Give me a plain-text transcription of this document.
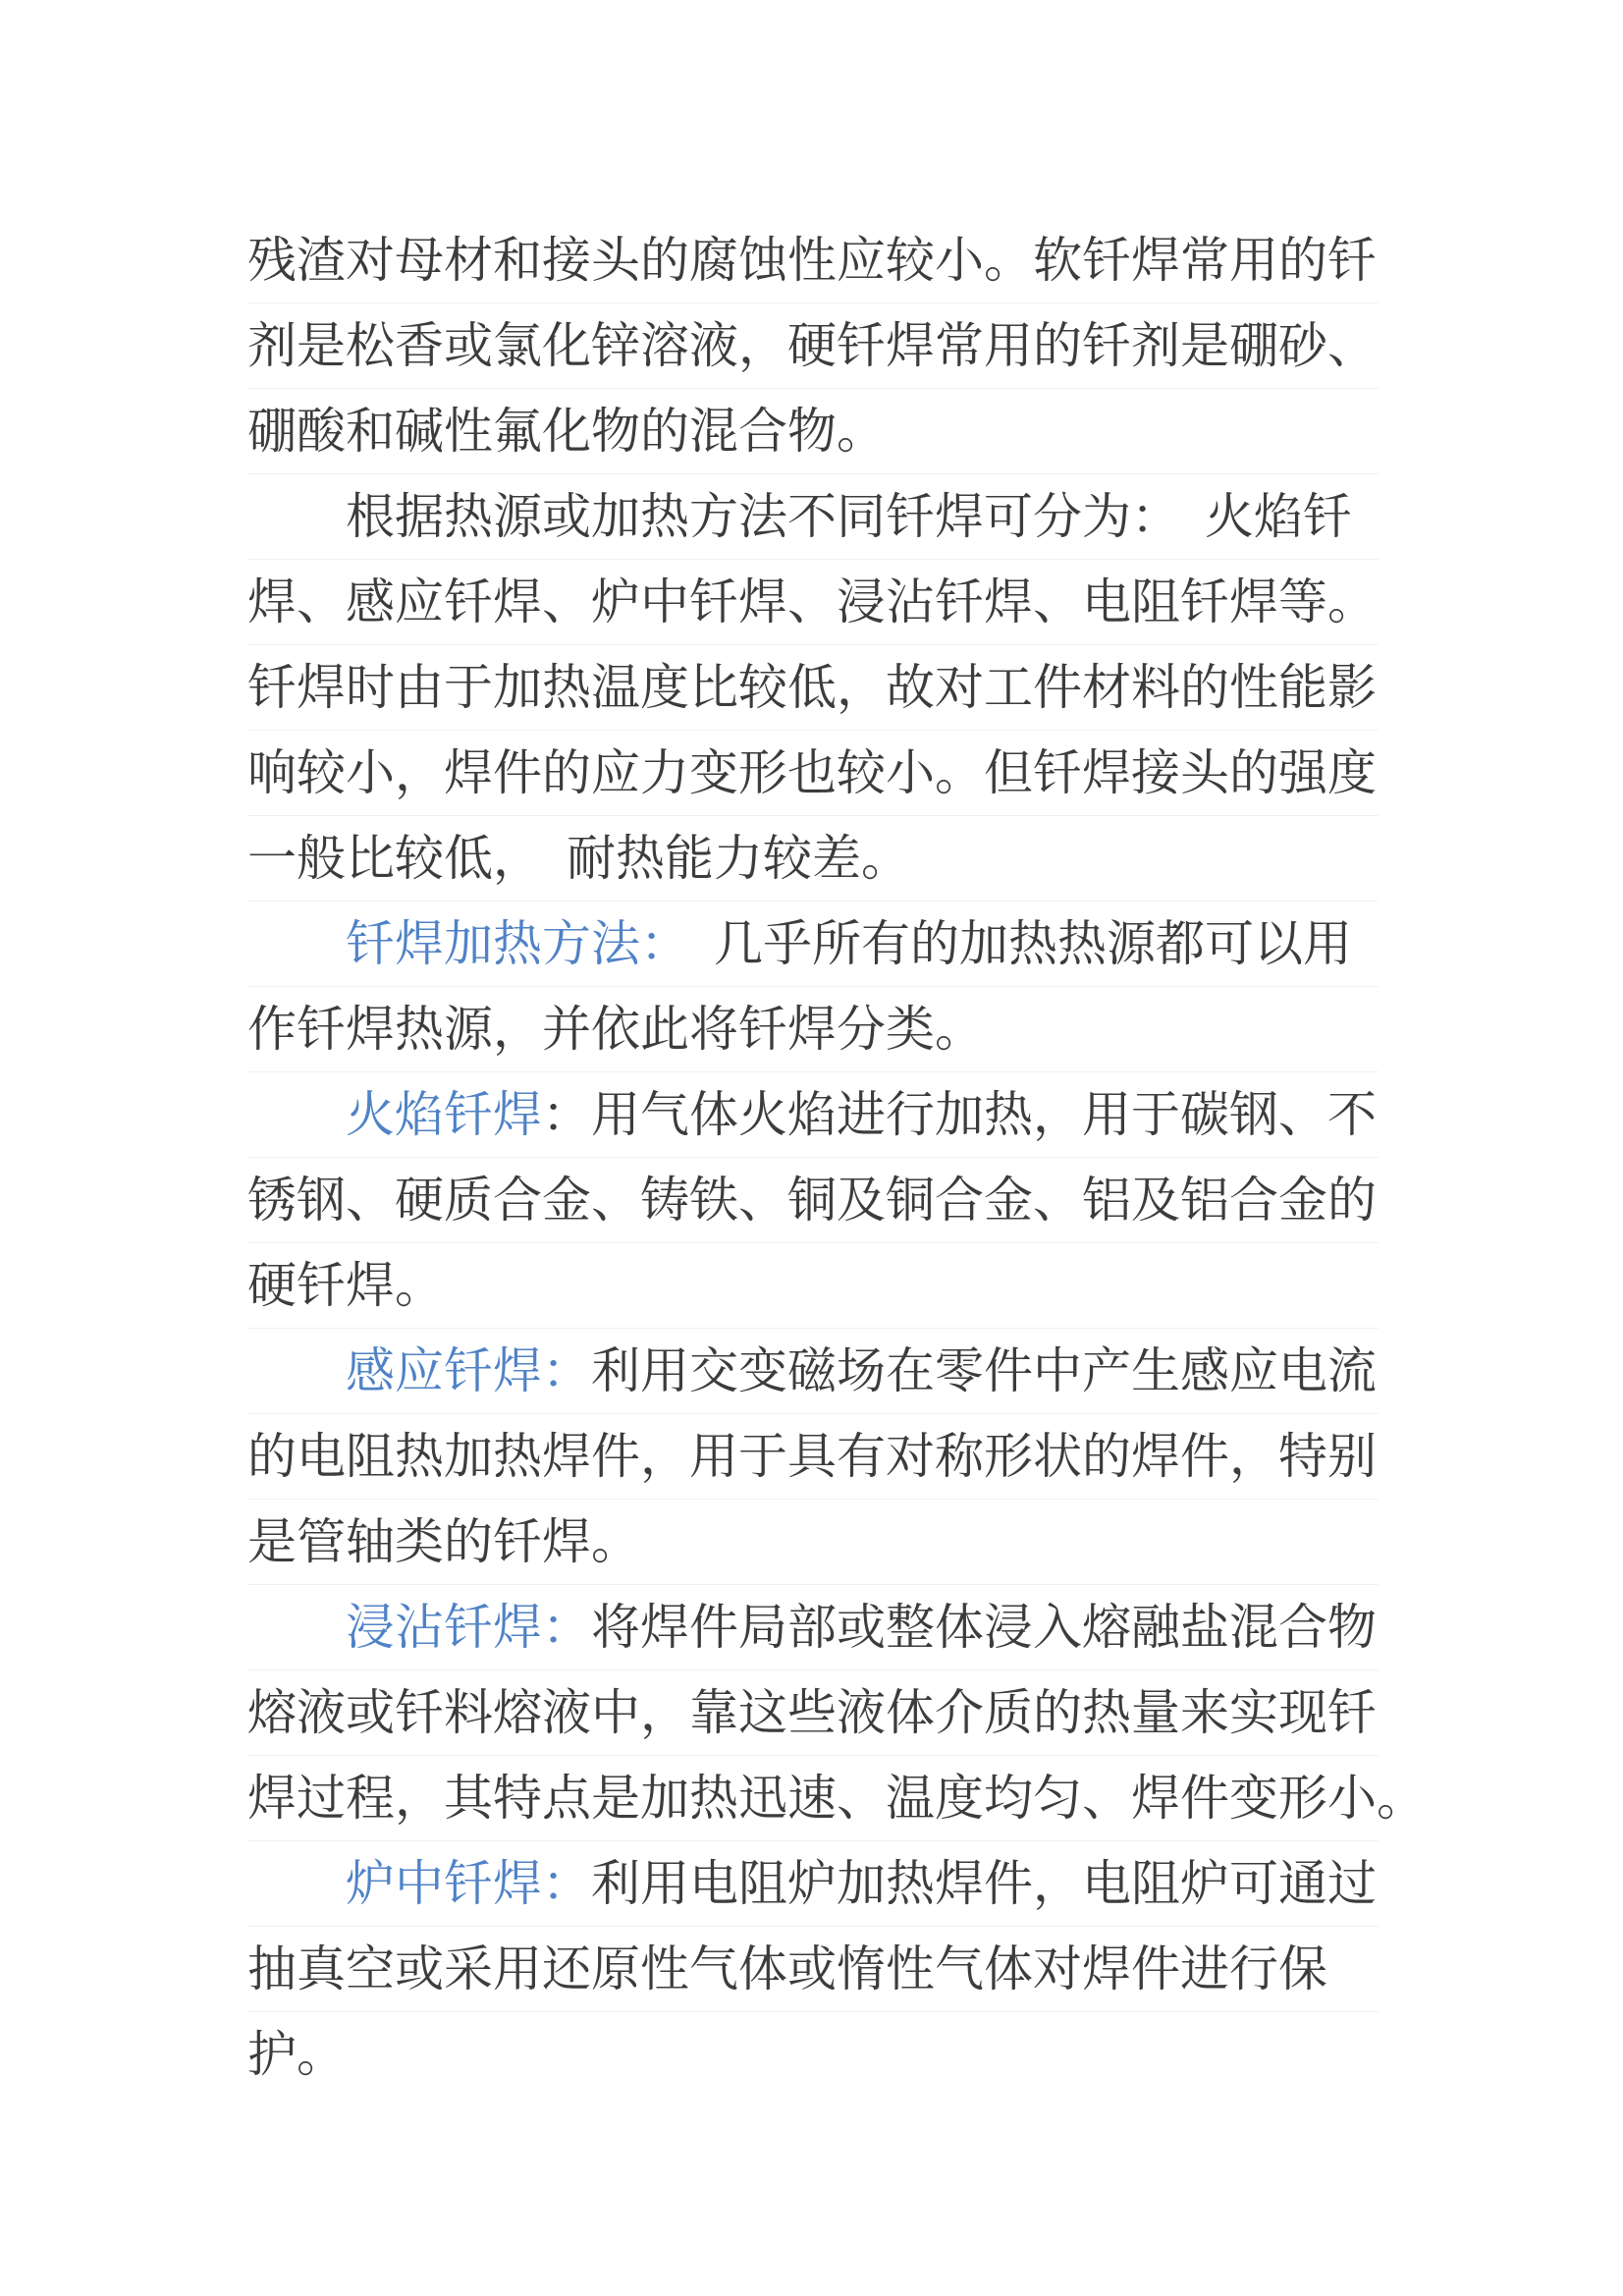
残渣对母材和接头的腐蚀性应较小。软钎焊常用的钎
剂是松香或氯化锌溶液，硬钎焊常用的钎剂是硼砂、
硼酸和碱性氟化物的混合物。
　　根据热源或加热方法不同钎焊可分为：　火焰钎
焊、感应钎焊、炉中钎焊、浸沾钎焊、电阻钎焊等。
钎焊时由于加热温度比较低，故对工件材料的性能影
响较小，焊件的应力变形也较小。但钎焊接头的强度
一般比较低，　耐热能力较差。
　　钎焊加热方法：　几乎所有的加热热源都可以用
作钎焊热源，并依此将钎焊分类。
　　火焰钎焊：用气体火焰进行加热，用于碳钢、不
锈钢、硬质合金、铸铁、铜及铜合金、铝及铝合金的
硬钎焊。
　　感应钎焊：利用交变磁场在零件中产生感应电流
的电阻热加热焊件，用于具有对称形状的焊件，特别
是管轴类的钎焊。
　　浸沾钎焊：将焊件局部或整体浸入熔融盐混合物
熔液或钎料熔液中，靠这些液体介质的热量来实现钎
焊过程，其特点是加热迅速、温度均匀、焊件变形小。
　　炉中钎焊：利用电阻炉加热焊件，电阻炉可通过
抽真空或采用还原性气体或惰性气体对焊件进行保
护。
